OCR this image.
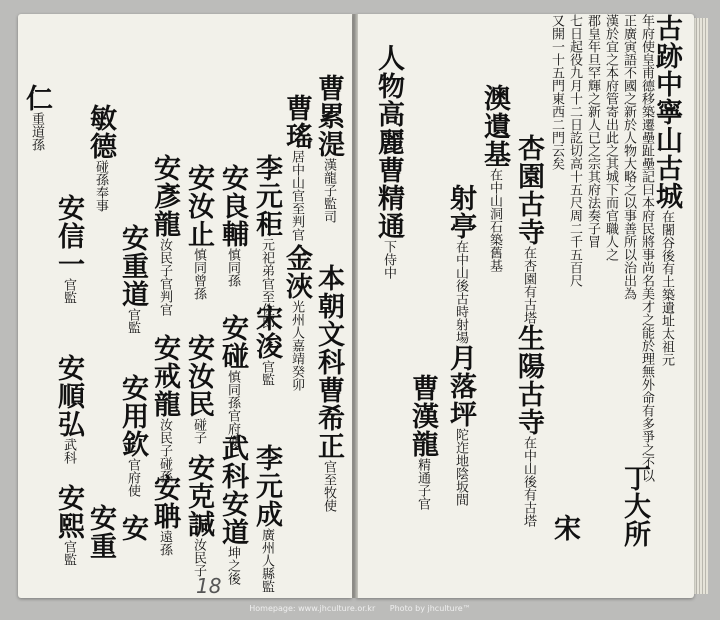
古跡中寧山古城在闍谷後有土築遺址太祖元
年府使皇甫德移築遷壘趾壘記曰本府民將事尚名美才之能於理無外命有多爭之不以
正廣寅語不國之新於人物大略之以事善所以治出為
漢於宜之本府管寄出此之其城下而官職人之
郡皇年旦罕輝之新人已之宗其府法奏子冒
七日起役九月十二日訖切高十五尺周二千五百尺
又開一十五門東西二門云矣
杏園古寺在杏園有古塔
澳遺基在中山洞石築舊基
射亭在中山後古時射場
生陽古寺在中山後有古塔
月落坪陀迮地陰坂間	丁大所
宋
人物高麗曹精通下侍中
曹漢龍精通子官
曹累湜漢龍子監司
本朝文科曹希正官至牧使
曹瑤居中山官至判官
金浹光州人嘉靖癸卯
李元秬元祀弟官至佐郎
宋浚官監
李元成廣州人縣監
安良輔慎同孫
安碰慎同孫官府使
武科安道坤之後
安汝止慎同曾孫
安汝民碰子
安克諴汝民子
安彥龍汝民子官判官
安戒龍汝民子碰孫
安聃遠孫
安重道官監
安用欽官府使
安
安重
敏德碰孫奉事
安信一官監
安順弘武科
安熙官監
仁重道孫
18
Homepage: www.jhculture.or.kr Photo by jhculture™
